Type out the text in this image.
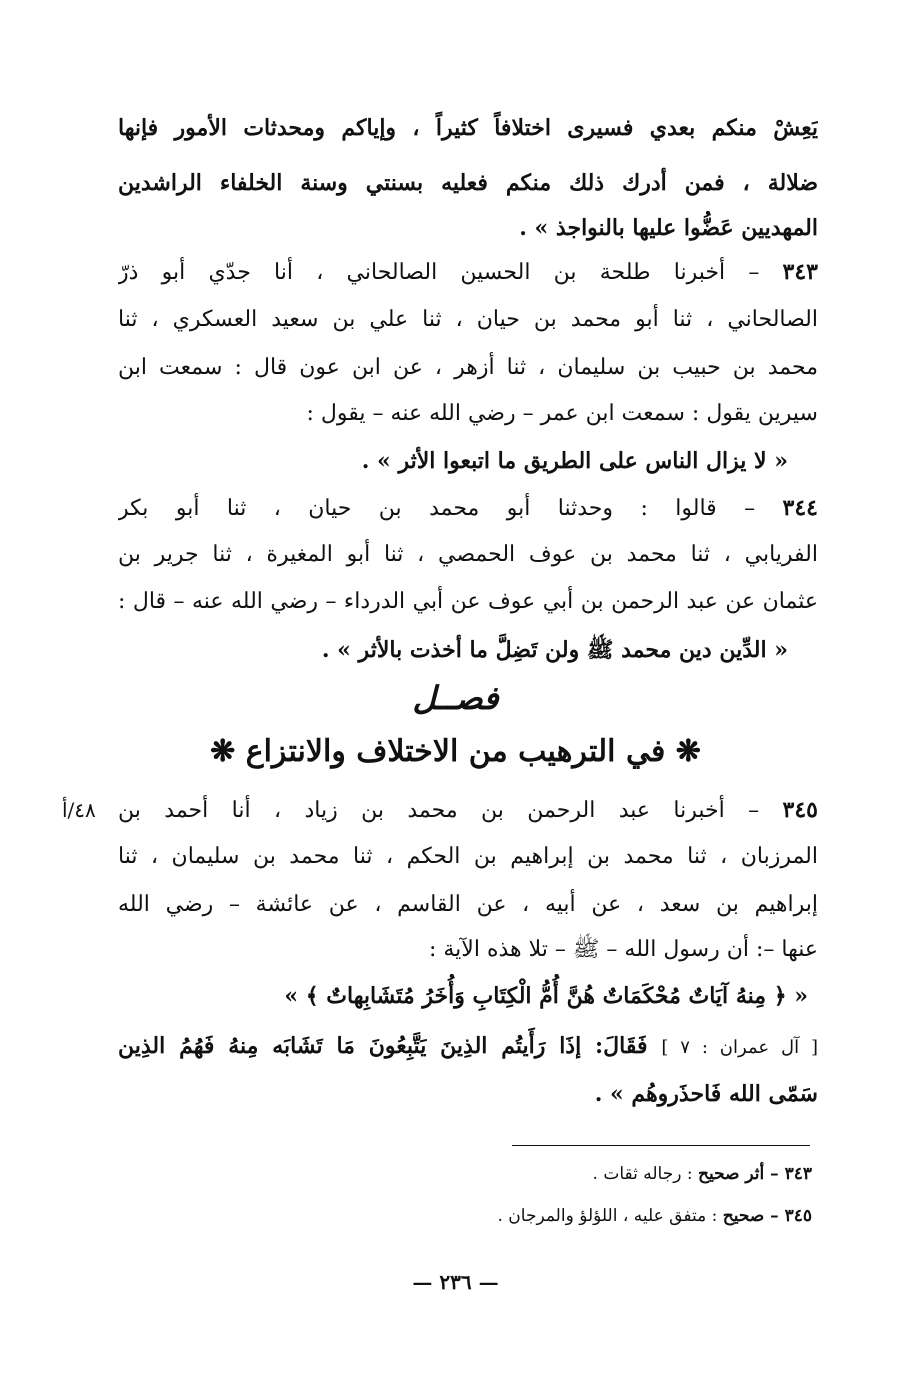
يَعِشْ منكم بعدي فسيرى اختلافاً كثيراً ، وإياكم ومحدثات الأمور فإنها
ضلالة ، فمن أدرك ذلك منكم فعليه بسنتي وسنة الخلفاء الراشدين
المهديين عَضُّوا عليها بالنواجذ » .
٣٤٣ – أخبرنا طلحة بن الحسين الصالحاني ، أنا جدّي أبو ذرّ
الصالحاني ، ثنا أبو محمد بن حيان ، ثنا علي بن سعيد العسكري ، ثنا
محمد بن حبيب بن سليمان ، ثنا أزهر ، عن ابن عون قال : سمعت ابن
سيرين يقول : سمعت ابن عمر – رضي الله عنه – يقول :
« لا يزال الناس على الطريق ما اتبعوا الأثر » .
٣٤٤ – قالوا : وحدثنا أبو محمد بن حيان ، ثنا أبو بكر
الفريابي ، ثنا محمد بن عوف الحمصي ، ثنا أبو المغيرة ، ثنا جرير بن
عثمان عن عبد الرحمن بن أبي عوف عن أبي الدرداء – رضي الله عنه – قال :
« الدِّين دين محمد ﷺ ولن تَضِلَّ ما أخذت بالأثر » .
فصــل
❋ في الترهيب من الاختلاف والانتزاع ❋
٤٨/أ	٣٤٥ – أخبرنا عبد الرحمن بن محمد بن زياد ، أنا أحمد بن
المرزبان ، ثنا محمد بن إبراهيم بن الحكم ، ثنا محمد بن سليمان ، ثنا
إبراهيم بن سعد ، عن أبيه ، عن القاسم ، عن عائشة – رضي الله
عنها –: أن رسول الله – ﷺ – تلا هذه الآية :
« ﴿ مِنهُ آيَاتٌ مُحْكَمَاتٌ هُنَّ أُمُّ الْكِتَابِ وَأُخَرُ مُتَشَابِهاتٌ ﴾ »
[ آل عمران : ٧ ] فَقَالَ: إذَا رَأَيتُم الذِينَ يَتَّبِعُونَ مَا تَشَابَه مِنهُ فَهُمُ الذِين
سَمّى الله فَاحذَروهُم » .
٣٤٣ – أثر صحيح : رجاله ثقات .
٣٤٥ – صحيح : متفق عليه ، اللؤلؤ والمرجان .
— ٢٣٦ —
